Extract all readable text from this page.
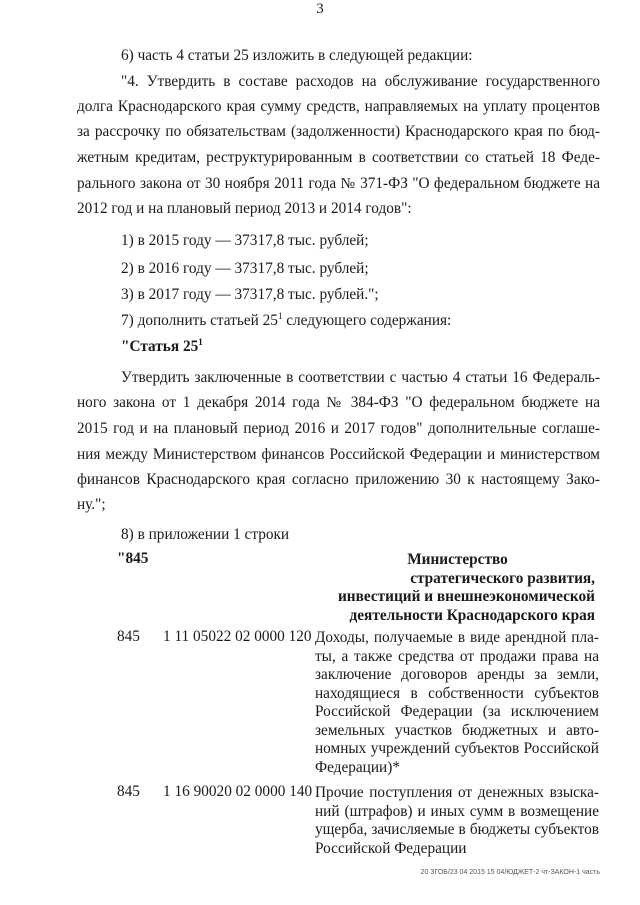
3

6) часть 4 статьи 25 изложить в следующей редакции:

"4. Утвердить в составе расходов на обслуживание государственного

долга Краснодарского края сумму средств, направляемых на уплату процентов

за рассрочку по обязательствам (задолженности) Краснодарского края по бюд-

жетным кредитам, реструктурированным в соответствии со статьей 18 Феде-

рального закона от 30 ноября 2011 года № 371-ФЗ "О федеральном бюджете на

2012 год и на плановый период 2013 и 2014 годов":

1) в 2015 году — 37317,8 тыс. рублей;

2) в 2016 году — 37317,8 тыс. рублей;

3) в 2017 году — 37317,8 тыс. рублей.";

7) дополнить статьей $25^1$ следующего содержания:

"Статья $25^1$

Утвердить заключенные в соответствии с частью 4 статьи 16 Федераль-

ного закона от 1 декабря 2014 года № 384-ФЗ "О федеральном бюджете на

2015 год и на плановый период 2016 и 2017 годов" дополнительные соглаше-

ния между Министерством финансов Российской Федерации и министерством

финансов Краснодарского края согласно приложению 30 к настоящему Зако-

ну.";

8) в приложении 1 строки

"845	Министерство
стратегического развития,
инвестиций и внешнеэкономической
деятельности Краснодарского края
845 1 11 05022 02 0000 120 Доходы, получаемые в виде арендной пла-
ты, а также средства от продажи права на
заключение договоров аренды за земли,
находящиеся в собственности субъектов
Российской Федерации (за исключением
земельных участков бюджетных и авто-
номных учреждений субъектов Российской
Федерации)*
845 1 16 90020 02 0000 140 Прочие поступления от денежных взыска-
ний (штрафов) и иных сумм в возмещение
ущерба, зачисляемые в бюджеты субъектов
Российской Федерации
20 ЗГОБ/23 04 2015 15 04/ЮДЖЕТ-2 чт-ЗАКОН-1 часть
